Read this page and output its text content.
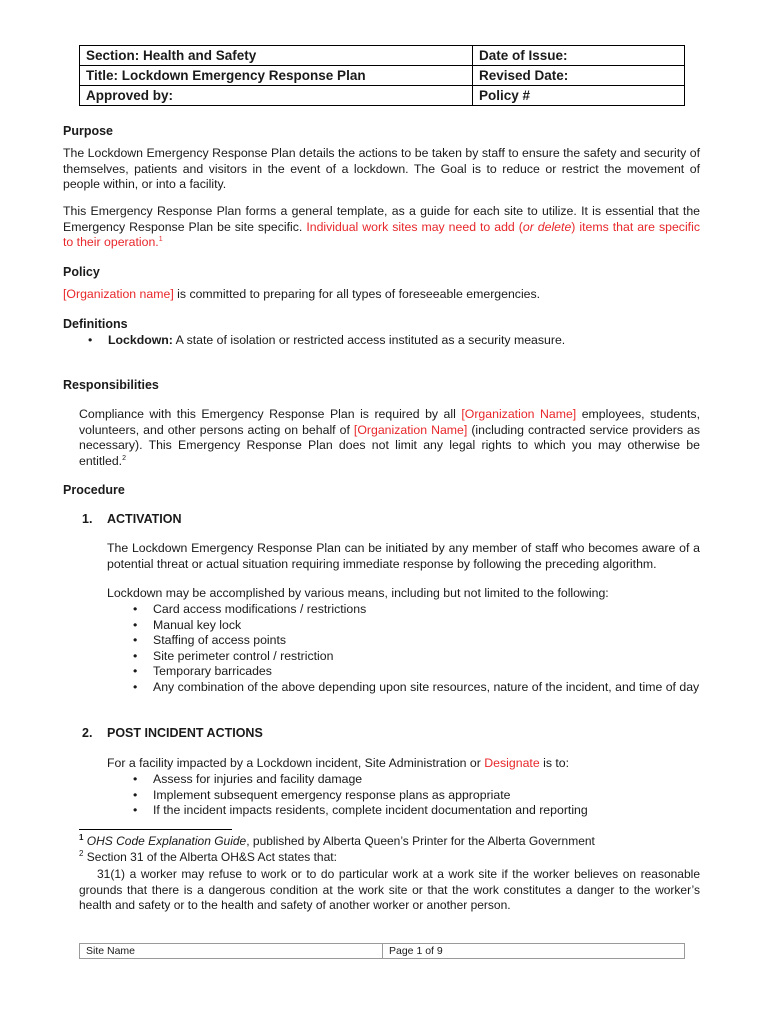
Section: Health and Safety	Date of Issue:
Title: Lockdown Emergency Response Plan	Revised Date:
Approved by:	Policy #
Purpose
The Lockdown Emergency Response Plan details the actions to be taken by staff to ensure the safety and security of themselves, patients and visitors in the event of a lockdown. The Goal is to reduce or restrict the movement of people within, or into a facility.
This Emergency Response Plan forms a general template, as a guide for each site to utilize. It is essential that the Emergency Response Plan be site specific. Individual work sites may need to add (or delete) items that are specific to their operation.$^1$
Policy
[Organization name] is committed to preparing for all types of foreseeable emergencies.
Definitions
• Lockdown: A state of isolation or restricted access instituted as a security measure.
Responsibilities
Compliance with this Emergency Response Plan is required by all [Organization Name] employees, students, volunteers, and other persons acting on behalf of [Organization Name] (including contracted service providers as necessary). This Emergency Response Plan does not limit any legal rights to which you may otherwise be entitled.$^2$
Procedure
1. ACTIVATION
The Lockdown Emergency Response Plan can be initiated by any member of staff who becomes aware of a potential threat or actual situation requiring immediate response by following the preceding algorithm.
Lockdown may be accomplished by various means, including but not limited to the following:
• Card access modifications / restrictions
• Manual key lock
• Staffing of access points
• Site perimeter control / restriction
• Temporary barricades
• Any combination of the above depending upon site resources, nature of the incident, and time of day
2. POST INCIDENT ACTIONS
For a facility impacted by a Lockdown incident, Site Administration or Designate is to:
• Assess for injuries and facility damage
• Implement subsequent emergency response plans as appropriate
• If the incident impacts residents, complete incident documentation and reporting
$^1$ OHS Code Explanation Guide, published by Alberta Queen’s Printer for the Alberta Government
$^2$ Section 31 of the Alberta OH&S Act states that:
31(1) a worker may refuse to work or to do particular work at a work site if the worker believes on reasonable grounds that there is a dangerous condition at the work site or that the work constitutes a danger to the worker’s health and safety or to the health and safety of another worker or another person.
Site Name	Page 1 of 9
